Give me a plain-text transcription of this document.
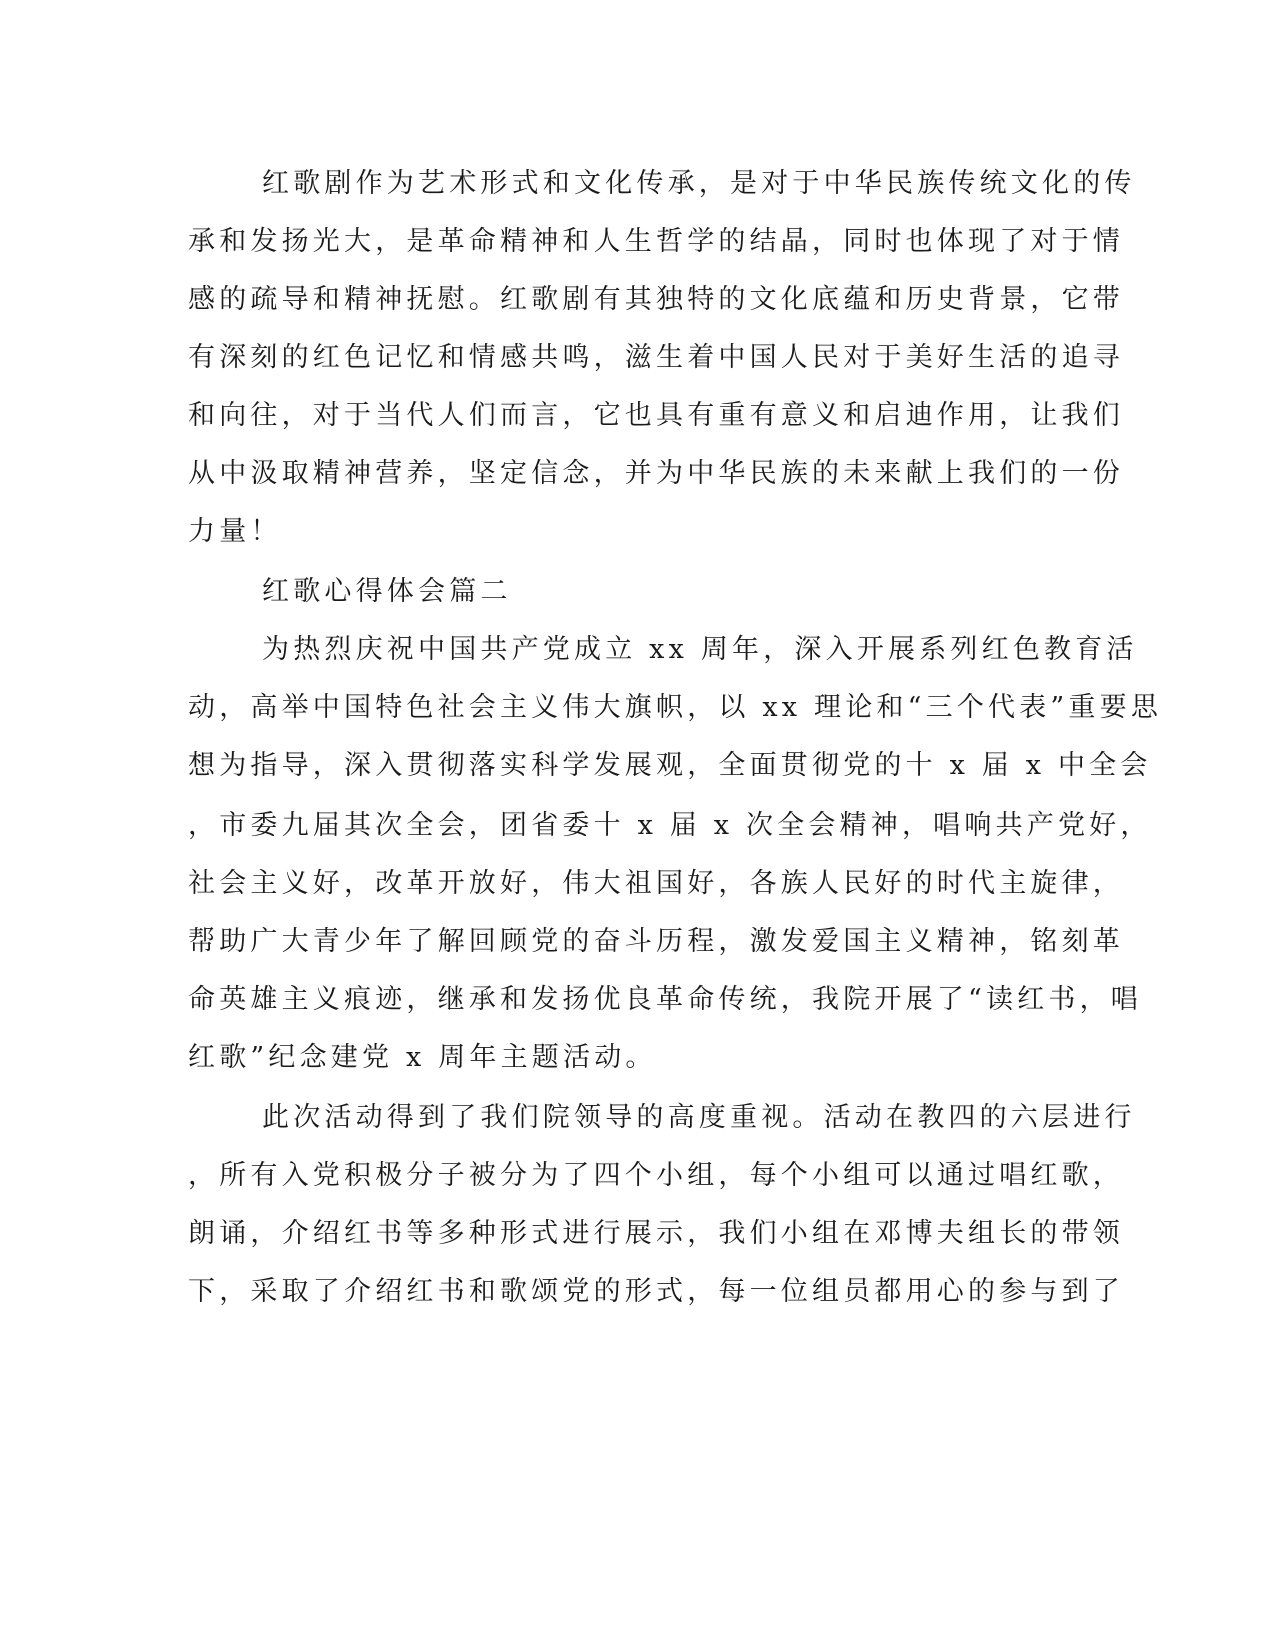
红歌剧作为艺术形式和文化传承，是对于中华民族传统文化的传

承和发扬光大，是革命精神和人生哲学的结晶，同时也体现了对于情

感的疏导和精神抚慰。红歌剧有其独特的文化底蕴和历史背景，它带

有深刻的红色记忆和情感共鸣，滋生着中国人民对于美好生活的追寻

和向往，对于当代人们而言，它也具有重有意义和启迪作用，让我们

从中汲取精神营养，坚定信念，并为中华民族的未来献上我们的一份

力量！

红歌心得体会篇二

为热烈庆祝中国共产党成立 xx 周年，深入开展系列红色教育活

动，高举中国特色社会主义伟大旗帜，以 xx 理论和“三个代表”重要思

想为指导，深入贯彻落实科学发展观，全面贯彻党的十 x 届 x 中全会

，市委九届其次全会，团省委十 x 届 x 次全会精神，唱响共产党好，

社会主义好，改革开放好，伟大祖国好，各族人民好的时代主旋律，

帮助广大青少年了解回顾党的奋斗历程，激发爱国主义精神，铭刻革

命英雄主义痕迹，继承和发扬优良革命传统，我院开展了“读红书，唱

红歌”纪念建党 x 周年主题活动。

此次活动得到了我们院领导的高度重视。活动在教四的六层进行

，所有入党积极分子被分为了四个小组，每个小组可以通过唱红歌，

朗诵，介绍红书等多种形式进行展示，我们小组在邓博夫组长的带领

下，采取了介绍红书和歌颂党的形式，每一位组员都用心的参与到了
